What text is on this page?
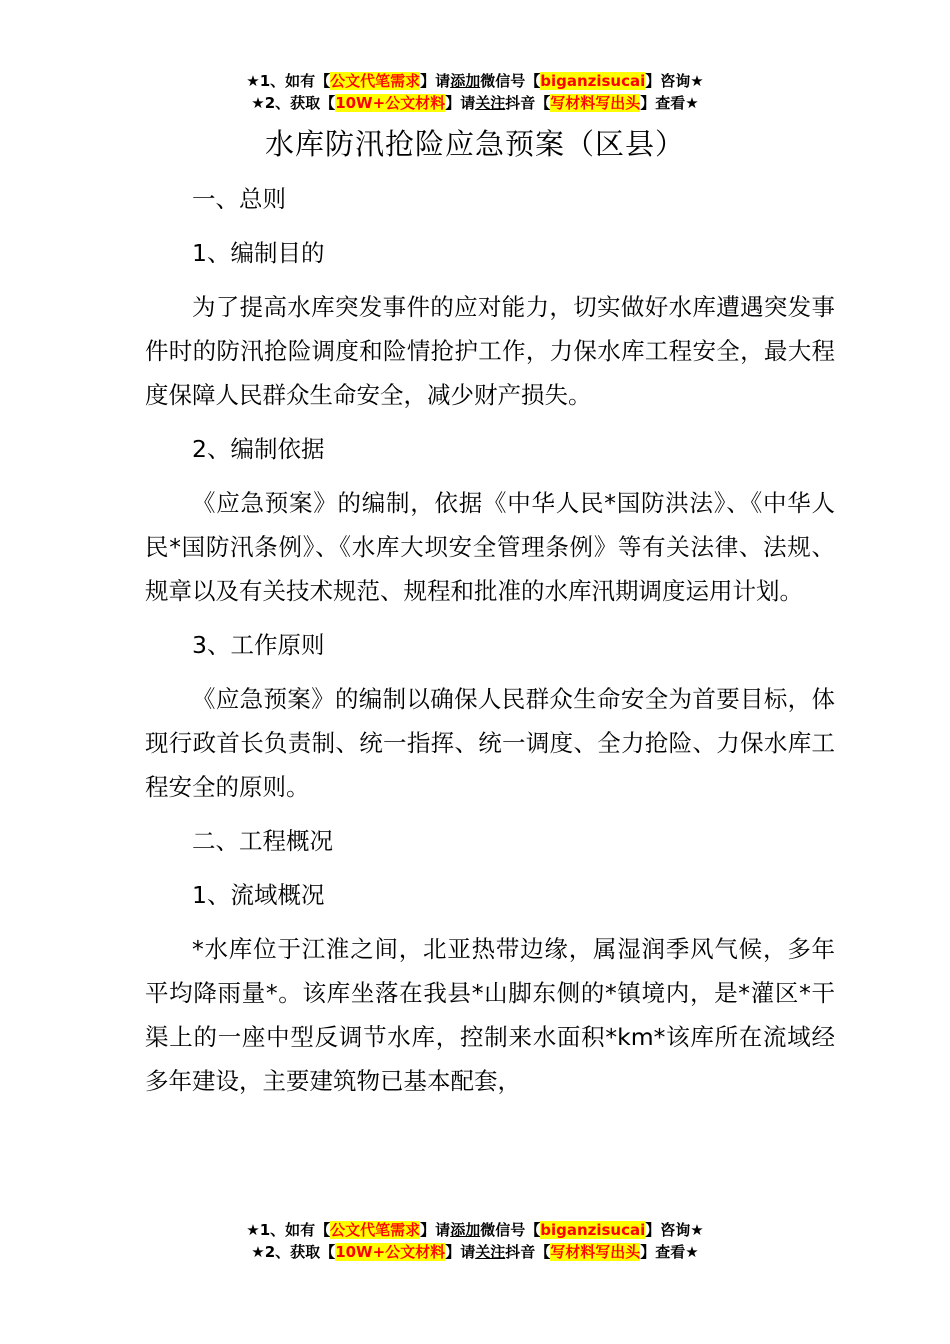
★1、如有【公文代笔需求】请添加微信号【biganzisucai】咨询★
★2、获取【10W+公文材料】请关注抖音【写材料写出头】查看★
水库防汛抢险应急预案（区县）

一、总则

1、编制目的

为了提高水库突发事件的应对能力，切实做好水库遭遇突发事件时的防汛抢险调度和险情抢护工作，力保水库工程安全，最大程度保障人民群众生命安全，减少财产损失。

2、编制依据

《应急预案》的编制，依据《中华人民*国防洪法》、《中华人民*国防汛条例》、《水库大坝安全管理条例》等有关法律、法规、规章以及有关技术规范、规程和批准的水库汛期调度运用计划。

3、工作原则

《应急预案》的编制以确保人民群众生命安全为首要目标，体现行政首长负责制、统一指挥、统一调度、全力抢险、力保水库工程安全的原则。

二、工程概况

1、流域概况

*水库位于江淮之间，北亚热带边缘，属湿润季风气候，多年平均降雨量*。该库坐落在我县*山脚东侧的*镇境内，是*灌区*干渠上的一座中型反调节水库，控制来水面积*km*该库所在流域经多年建设，主要建筑物已基本配套，

★1、如有【公文代笔需求】请添加微信号【biganzisucai】咨询★
★2、获取【10W+公文材料】请关注抖音【写材料写出头】查看★
